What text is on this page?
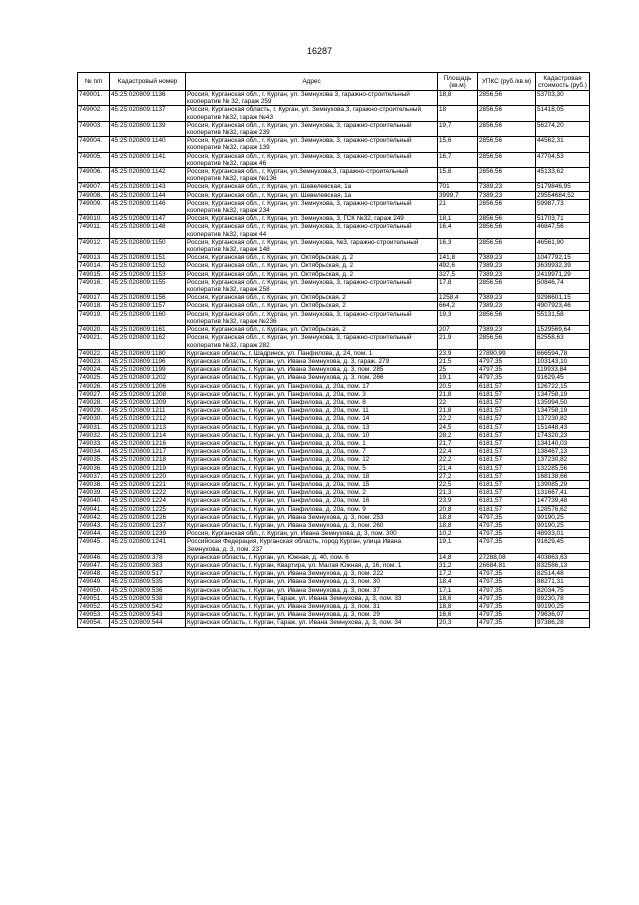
16287
№ п/п	Кадастровый номер	Адрес	Площадь (кв.м)	УПКС (руб./кв.м)	Кадастровая стоимость (руб.)
749001.	45:25:020809:1136	Россия, Курганская обл., г. Курган, ул. Земнухова 3, гаражно-строительный кооператив № 32, гараж 259	18,8	2856,56	53703,30
749002.	45:25:020809:1137	Россия, Курганская область, г. Курган, ул. Земнухова,3, гаражно-строительный кооператив №32, гараж №43	18	2856,56	51418,05
749003.	45:25:020809:1139	Россия, Курганская обл., г. Курган, ул. Земнухова, 3, гаражно-строительный кооператив №32, гараж 239	19,7	2856,56	56274,20
749004.	45:25:020809:1140	Россия, Курганская обл., г. Курган, ул. Земнухова, 3, гаражно-строительный кооператив №32, гараж 139	15,6	2856,56	44562,31
749005.	45:25:020809:1141	Россия, Курганская обл., г. Курган, ул. Земнухова, 3, гаражно-строительный кооператив №32, гараж 46	16,7	2856,56	47704,53
749006.	45:25:020809:1142	Россия, Курганская обл., г. Курган, ул.Земнухова,3, гаражно-строительный кооператив №32, гараж №136	15,8	2856,56	45133,62
749007.	45:25:020809:1143	Россия, Курганская обл., г. Курган, ул. Шевелевская, 1а	701	7389,23	5179846,95
749008.	45:25:020809:1144	Россия, Курганская обл., г. Курган, ул. Шевелевская, 1а	3999,7	7389,23	29554684,52
749009.	45:25:020809:1146	Россия, Курганская обл., г. Курган, ул. Земнухова, 3, гаражно-строительный кооператив №32, гараж 234	21	2856,56	59987,73
749010.	45:25:020809:1147	Россия, Курганская обл., г. Курган, ул. Земнухова, 3, ГСК №32, гараж 249	18,1	2856,56	51703,71
749011.	45:25:020809:1148	Россия, Курганская обл., г. Курган, ул. Земнухова, 3, гаражно-строительный кооператив №32, гараж 44	16,4	2856,56	46847,56
749012.	45:25:020809:1150	Россия, Курганская обл., г. Курган, ул. Земнухова, №3, гаражно-строительный кооператив №32, гараж 148	16,3	2856,56	46561,90
749013.	45:25:020809:1151	Россия, Курганская обл., г. Курган, ул. Октябрьская, д. 2	141,8	7389,23	1047792,15
749014.	45:25:020809:1152	Россия, Курганская обл., г. Курган, ул. Октябрьская, д. 2	492,6	7389,23	3639932,39
749015.	45:25:020809:1153	Россия, Курганская обл., г. Курган, ул. Октябрьская, д. 2	327,5	7389,23	2419971,29
749016.	45:25:020809:1155	Россия, Курганская обл., г. Курган, ул. Земнухова, 3, гаражно-строительный кооператив №32, гараж 258	17,8	2856,56	50846,74
749017.	45:25:020809:1156	Россия, Курганская обл., г. Курган, ул. Октябрьская, 2	1258,4	7389,23	9298601,15
749018.	45:25:020809:1157	Россия, Курганская обл., г. Курган, ул. Октябрьская, 2	664,2	7389,23	4907923,46
749019.	45:25:020809:1160	Россия, Курганская обл., г. Курган, ул. Земнухова, 3, гаражно-строительный кооператив №32, гараж №236	19,3	2856,56	55131,58
749020.	45:25:020809:1161	Россия, Курганская обл., г. Курган, ул. Октябрьская, 2	207	7389,23	1529569,64
749021.	45:25:020809:1162	Россия, Курганская обл., г. Курган, ул. Земнухова, 3, гаражно-строительный кооператив №32, гараж 282	21,9	2856,56	62558,63
749022.	45:25:020809:1180	Курганская область, г. Шадринск, ул. Панфилова, д. 24, пом. 1	23,9	27890,99	666594,78
749023.	45:25:020809:1196	Курганская область, г. Курган, ул. Ивана Земнухова, д. 3, гараж. 279	21,5	4797,35	103143,10
749024.	45:25:020809:1199	Курганская область, г. Курган, ул. Ивана Земнухова, д. 3, пом. 285	25	4797,35	119933,84
749025.	45:25:020809:1202	Курганская область, г. Курган, ул. Ивана Земнухова, д. 3, пом. 266	19,1	4797,35	91629,45
749026.	45:25:020809:1206	Курганская область, г. Курган, ул. Панфилова, д. 20а, пом. 17	20,5	6181,57	126722,15
749027.	45:25:020809:1208	Курганская область, г. Курган, ул. Панфилова, д. 20а, пом. 3	21,8	6181,57	134758,19
749028.	45:25:020809:1209	Курганская область, г. Курган, ул. Панфилова, д. 20а, пом. 8	22	6181,57	135994,50
749029.	45:25:020809:1211	Курганская область, г. Курган, ул. Панфилова, д. 20а, пом. 11	21,8	6181,57	134758,19
749030.	45:25:020809:1212	Курганская область, г. Курган, ул. Панфилова, д. 20а, пом. 14	22,2	6181,57	137230,82
749031.	45:25:020809:1213	Курганская область, г. Курган, ул. Панфилова, д. 20а, пом. 13	24,5	6181,57	151448,43
749032.	45:25:020809:1214	Курганская область, г. Курган, ул. Панфилова, д. 20а, пом. 10	28,2	6181,57	174320,23
749033.	45:25:020809:1216	Курганская область, г. Курган, ул. Панфилова, д. 20а, пом. 1	21,7	6181,57	134140,03
749034.	45:25:020809:1217	Курганская область, г. Курган, ул. Панфилова, д. 20а, пом. 7	22,4	6181,57	138467,13
749035.	45:25:020809:1218	Курганская область, г. Курган, ул. Панфилова, д. 20а, пом. 12	22,2	6181,57	137230,82
749036.	45:25:020809:1219	Курганская область, г. Курган, ул. Панфилова, д. 20а, пом. 5	21,4	6181,57	132285,56
749037.	45:25:020809:1220	Курганская область, г. Курган, ул. Панфилова, д. 20а, пом. 18	27,2	6181,57	168138,66
749038.	45:25:020809:1221	Курганская область, г. Курган, ул. Панфилова, д. 20а, пом. 15	22,5	6181,57	139085,29
749039.	45:25:020809:1222	Курганская область, г. Курган, ул. Панфилова, д. 20а, пом. 2	21,3	6181,57	131667,41
749040.	45:25:020809:1224	Курганская область, г. Курган, ул. Панфилова, д. 20а, пом. 16	23,9	6181,57	147739,48
749041.	45:25:020809:1225	Курганская область, г. Курган, ул. Панфилова, д. 20а, пом. 9	20,8	6181,57	128576,62
749042.	45:25:020809:1226	Курганская область, г. Курган, ул. Ивана Земнухова, д. 3, пом. 253	18,8	4797,35	90190,25
749043.	45:25:020809:1237	Курганская область, г. Курган, ул. Ивана Земнухова, д. 3, пом. 260	18,8	4797,35	90190,25
749044.	45:25:020809:1239	Россия, Курганская обл., г. Курган, ул. Ивана Земнухова, д. 3, пом. 300	10,2	4797,35	48933,01
749045.	45:25:020809:1241	Российская Федерация, Курганская область, город Курган, улица Ивана Земнухова, д. 3, пом. 237	19,1	4797,35	91629,45
749046.	45:25:020809:378	Курганская область, г. Курган, ул. Южная, д. 40, пом. 6	14,8	27288,08	403863,63
749047.	45:25:020809:383	Курганская область, г. Курган, Квартира, ул. Малая Южная, д. 16, пом. 1	31,2	26684,81	832566,13
749048.	45:25:020809:517	Курганская область, г. Курган, ул. Ивана Земнухова, д. 3, пом. 222	17,2	4797,35	82514,48
749049.	45:25:020809:535	Курганская область, г. Курган, ул. Ивана Земнухова, д. 3, пом. 30	18,4	4797,35	88271,31
749050.	45:25:020809:536	Курганская область, г. Курган, ул. Ивана Земнухова, д. 3, пом. 37	17,1	4797,35	82034,75
749051.	45:25:020809:538	Курганская область, г. Курган, Гараж, ул. Ивана Земнухова, д. 3, пом. 33	18,6	4797,35	89230,78
749052.	45:25:020809:542	Курганская область, г. Курган, ул. Ивана Земнухова, д. 3, пом. 31	18,8	4797,35	90190,25
749053.	45:25:020809:543	Курганская область, г. Курган, ул. Ивана Земнухова, д. 3, пом. 29	16,6	4797,35	79636,07
749054.	45:25:020809:544	Курганская область, г. Курган, Гараж, ул. Ивана Земнухова, д. 3, пом. 34	20,3	4797,35	97386,28
